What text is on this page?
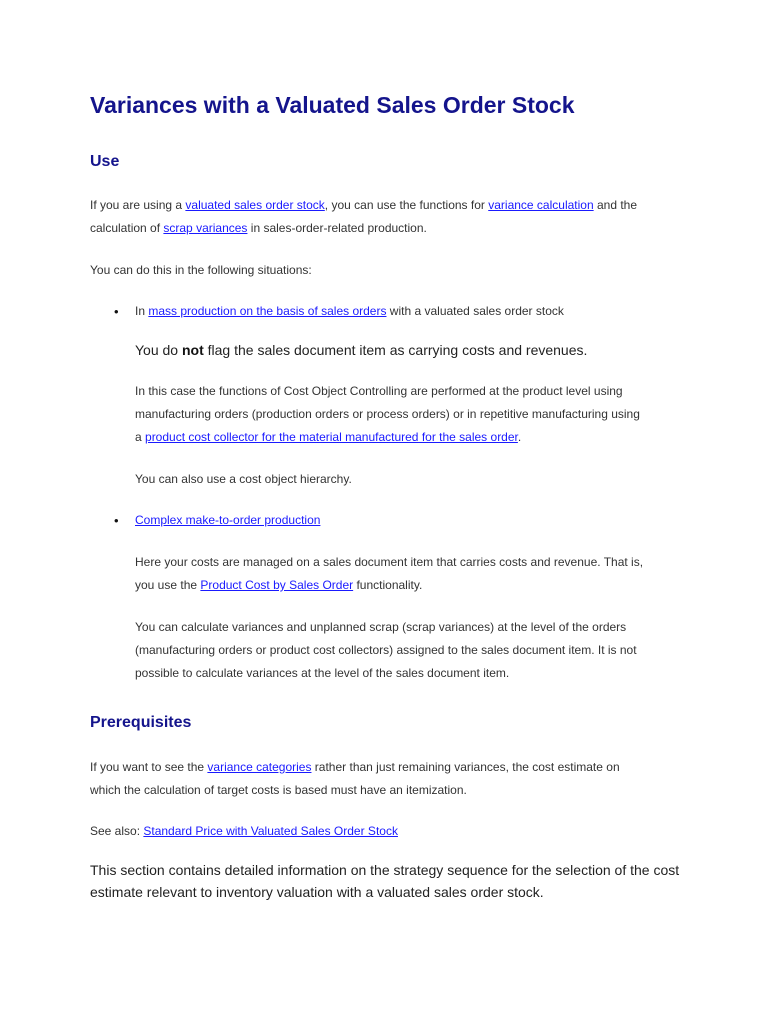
Variances with a Valuated Sales Order Stock
Use

If you are using a valuated sales order stock, you can use the functions for variance calculation and the

calculation of scrap variances in sales-order-related production.

You can do this in the following situations:

• In mass production on the basis of sales orders with a valuated sales order stock

You do not flag the sales document item as carrying costs and revenues.

In this case the functions of Cost Object Controlling are performed at the product level using

manufacturing orders (production orders or process orders) or in repetitive manufacturing using

a product cost collector for the material manufactured for the sales order.

You can also use a cost object hierarchy.

• Complex make-to-order production

Here your costs are managed on a sales document item that carries costs and revenue. That is,

you use the Product Cost by Sales Order functionality.

You can calculate variances and unplanned scrap (scrap variances) at the level of the orders

(manufacturing orders or product cost collectors) assigned to the sales document item. It is not

possible to calculate variances at the level of the sales document item.

Prerequisites

If you want to see the variance categories rather than just remaining variances, the cost estimate on

which the calculation of target costs is based must have an itemization.

See also: Standard Price with Valuated Sales Order Stock

This section contains detailed information on the strategy sequence for the selection of the cost

estimate relevant to inventory valuation with a valuated sales order stock.
